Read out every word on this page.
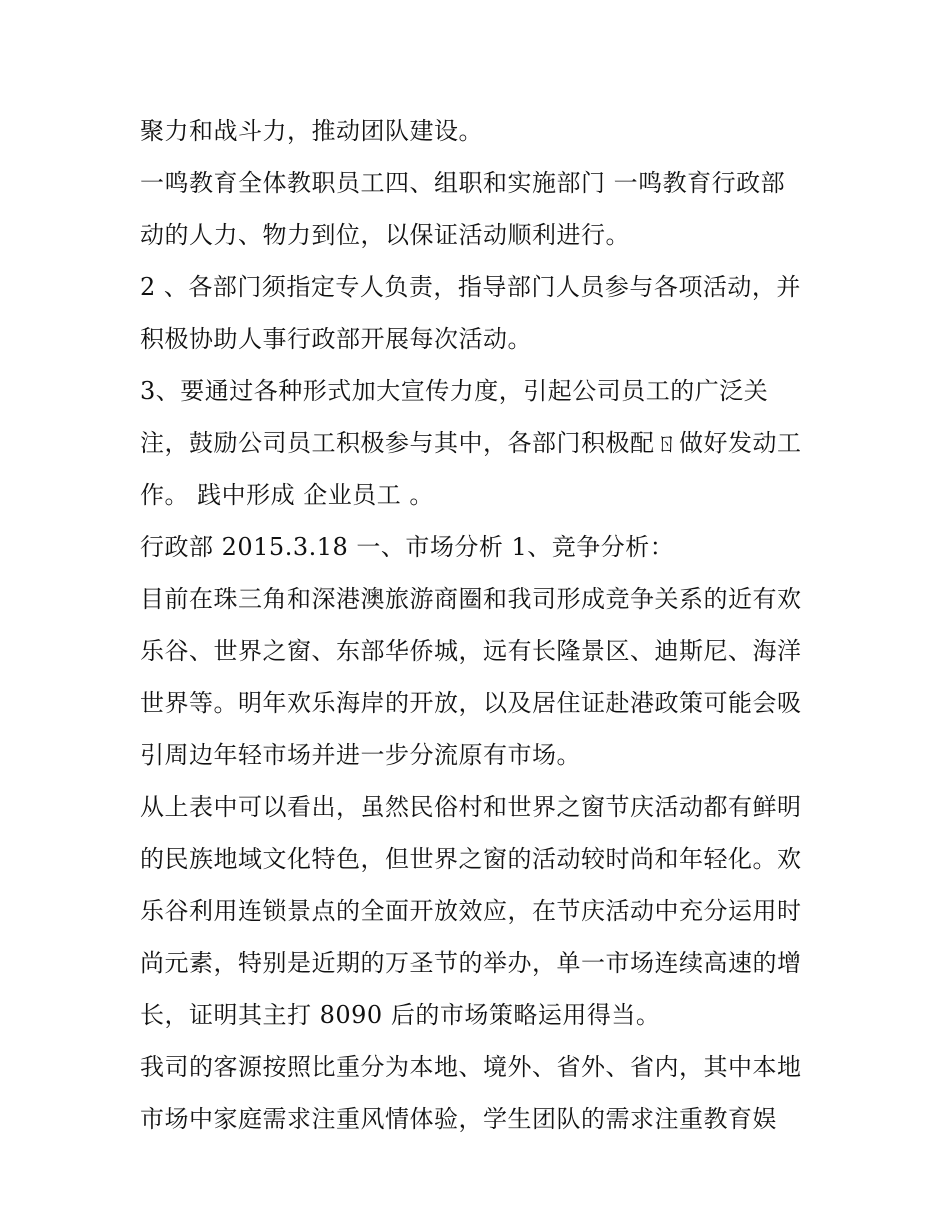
聚力和战斗力，推动团队建设。
一鸣教育全体教职员工四、组职和实施部门 一鸣教育行政部
动的人力、物力到位，以保证活动顺利进行。
2 、各部门须指定专人负责，指导部门人员参与各项活动，并
积极协助人事行政部开展每次活动。
3、要通过各种形式加大宣传力度，引起公司员工的广泛关
注，鼓励公司员工积极参与其中，各部门积极配ㄖ做好发动工
作。 践中形成 企业员工 。
行政部 2015.3.18 一、市场分析 1、竞争分析：
目前在珠三角和深港澳旅游商圈和我司形成竞争关系的近有欢
乐谷、世界之窗、东部华侨城，远有长隆景区、迪斯尼、海洋
世界等。明年欢乐海岸的开放，以及居住证赴港政策可能会吸
引周边年轻市场并进一步分流原有市场。
从上表中可以看出，虽然民俗村和世界之窗节庆活动都有鲜明
的民族地域文化特色，但世界之窗的活动较时尚和年轻化。欢
乐谷利用连锁景点的全面开放效应，在节庆活动中充分运用时
尚元素，特别是近期的万圣节的举办，单一市场连续高速的增
长，证明其主打 8090 后的市场策略运用得当。
我司的客源按照比重分为本地、境外、省外、省内，其中本地
市场中家庭需求注重风情体验，学生团队的需求注重教育娱
